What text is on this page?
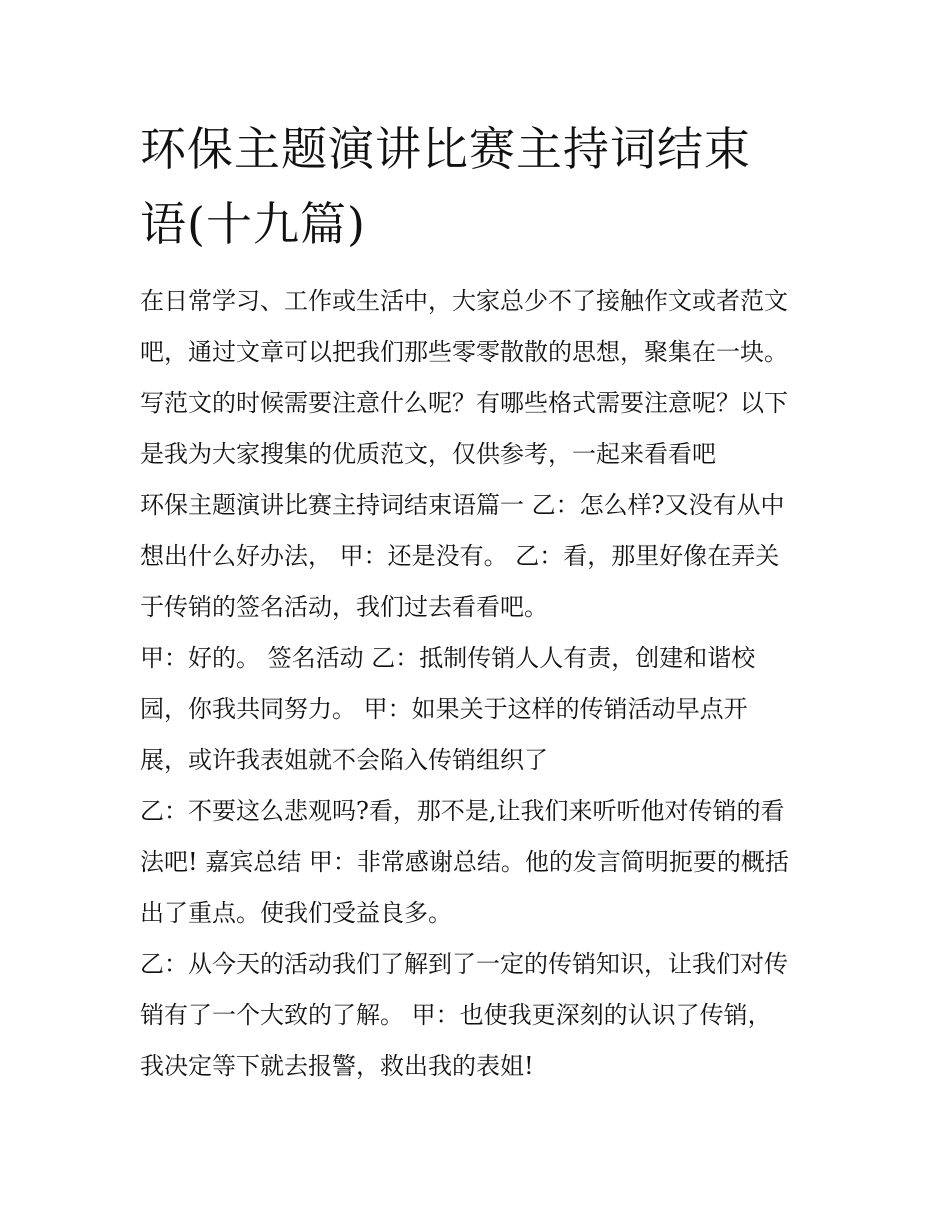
环保主题演讲比赛主持词结束
语(十九篇)
在日常学习、工作或生活中，大家总少不了接触作文或者范文
吧，通过文章可以把我们那些零零散散的思想，聚集在一块。
写范文的时候需要注意什么呢？有哪些格式需要注意呢？以下
是我为大家搜集的优质范文，仅供参考，一起来看看吧
环保主题演讲比赛主持词结束语篇一 乙：怎么样?又没有从中
想出什么好办法， 甲：还是没有。 乙：看，那里好像在弄关
于传销的签名活动，我们过去看看吧。
甲：好的。 签名活动 乙：抵制传销人人有责，创建和谐校
园，你我共同努力。 甲：如果关于这样的传销活动早点开
展，或许我表姐就不会陷入传销组织了
乙：不要这么悲观吗?看，那不是,让我们来听听他对传销的看
法吧! 嘉宾总结 甲：非常感谢总结。他的发言简明扼要的概括
出了重点。使我们受益良多。
乙：从今天的活动我们了解到了一定的传销知识，让我们对传
销有了一个大致的了解。 甲：也使我更深刻的认识了传销，
我决定等下就去报警，救出我的表姐!
